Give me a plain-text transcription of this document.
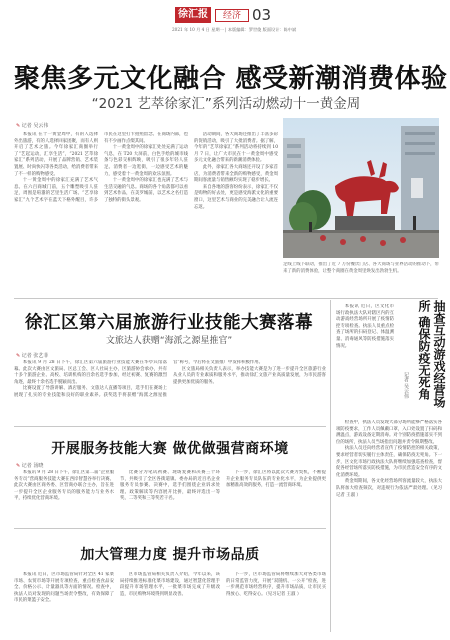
徐汇报	经济 03
2021 年 10 月 4 日 星期一 | 本版编辑：罗世俊 版面设计：陈中斌
聚焦多元文化融合 感受新潮消费体验
“2021 艺萃徐家汇”系列活动燃动十一黄金周
✎ 记者 吴云伟

本报讯 在十一黄金周中，有的人选择外出旅游，有的人选择回家团聚，而有人则开启了艺术之旅。今年徐家汇商圈举行了“艺起运动，汇享生活”，“2021 艺萃徐家汇”系列活动，开展了品牌营销、艺术装置展、时尚快闪等各类活动，给消费者带来了不一样的购物感受。

十一黄金周中的徐家汇充满了艺术气息。在六百商城门前，五个雕塑吸引人驻足，周围是喧嚣的艺里生活广场。“艺享徐家汇”九个艺术字在蓝天下格外醒目，许多市民在这里打卡拍照留念。在商场内部，也有不少画作点缀其间。

十一黄金周中的徐家汇处处充满了运动气息，在 T20 大屏前，白色手绘的城市线条与色彩交相辉映，吸引了很多年轻人驻足。消费者一边逛街，一边感受艺术的魅力，感受着十一黄金周的欢乐氛围。

十一黄金周中的徐家汇也充满了艺术与生活交融的气息。商场的各个角落都可以看到艺术作品，在美罗城前，以艺术之名打造了独特的街头景观。

活动期间，各大商场还推出了丰富多彩的促销活动，吸引了大批消费者。据了解，今年的“艺萃徐家汇”系列活动将持续到 10 月 7 日，让广大市民在十一黄金周中感受多元文化融合带来的新潮消费体验。

此外，徐家汇各大商场还开设了多家首店，为消费者带来全新的购物感受，黄金周期间客流量与销售额均实现了稳步增长。

来自各地的游客纷纷表示，徐家汇不仅是购物的好去处，更是感受海派文化的重要窗口，这里艺术与商业的完美融合让人流连忘返。

足线上线下联动，推出了近 7 万份餐饮门店、各大商场与业界活动的推动下，带来了新的消费体验，让整个商圈在黄金周里焕发出勃勃生机。
徐汇区第六届旅游行业技能大赛落幕
文旅达人获赠“海派之源星推官”
✎ 记者 张艺菲

本报讯 9 月 28 日下午，徐汇区第六届旅游行业技能大赛在华亭宾馆落幕。此次大赛由区文旅局、区总工会、区人社局主办，区旅游协会承办，共有十多个旅游企业、高校、培训机构的百余名选手参加，经过初赛、复赛的激烈角逐，最终十余名选手脱颖而出。

比赛设置了导游讲解、酒店服务、文旅达人直播等项目，选手们在赛场上展现了扎实的专业技能和良好的职业素养。获奖选手将获赠“海派之源星推官”称号，今后将在文旅推广中发挥积极作用。

区文旅局相关负责人表示，举办技能大赛是为了进一步提升全区旅游行业从业人员的专业素质和服务水平，推动徐汇文旅产业高质量发展，为市民游客提供更加优质的服务。

开展服务技能大赛 做优做强营商环境
✎ 记者 汤晓

本报讯 9 月 28 日下午，徐汇区第二届“企业服务专员”营商服务技能大赛在西岸智慧谷举行决赛。此次大赛由区商务委、区营商办联合主办，旨在进一步提升全区企业服务专员的服务能力与业务水平，持续优化营商环境。

比赛分为笔试初赛、现场复赛和决赛三个环节，共吸引了全区各街道镇、委办局的近百名企业服务专员参赛。决赛中，选手们围绕企业诉求处理、政策解读等内容展开比拼，最终评选出一等奖、二等奖和三等奖若干名。

下一步，徐汇区将以此次大赛为契机，不断提升企业服务专员队伍的专业化水平，为企业提供更加精准高效的服务，打造一流营商环境。

加大管理力度 提升市场品质

本报讯 近日，区市场监管局针对全区 41 家菜市场、农贸市场等开展专项检查，重点检查食品安全、价格公示、计量器具等方面的情况。检查中，执法人员对发现的问题当场责令整改，有效保障了市民的菜篮子安全。

区市场监管局相关负责人介绍，今年以来，该局持续推进标准化菜市场建设，通过智慧化管理手段提升市场管理水平，一批菜市场完成了升级改造，市民购物环境得到明显改善。

下一步，区市场监管局将继续加大对各类市场的日常监管力度，开展“双随机、一公开”检查，进一步规范市场经营秩序，提升市场品质，让市民买得放心、吃得安心。（见习记者 王淑 ）

抽查互动游戏经营场所 确保防疫无死角
记者 吴云伟

本报讯 近日，区文化市场行政执法大队对辖区内的互动游戏经营场所开展了疫情防控专项检查。执法人员重点检查了场所的扫码登记、体温测量、消毒通风等防疫措施落实情况。

检查中，执法人员发现大部分场所能够严格落实各项防疫要求，工作人员佩戴口罩，入口处设置了扫码和测温点，游戏设备定期消毒。对个别防疫措施落实不到位的场所，执法人员当场指出问题并责令限期整改。

执法人员还向经营者宣传了疫情防控的相关政策，要求经营者切实履行主体责任，确保防疫无死角。下一步，区文化市场行政执法大队将继续加强巡查检查，督促各经营场所落实防疫措施，为市民营造安全有序的文化消费环境。

黄金周期间，各文化经营场所客流量较大，执法大队将加大检查频次，对违规行为依法严肃处理。（见习记者 王淑 ）
